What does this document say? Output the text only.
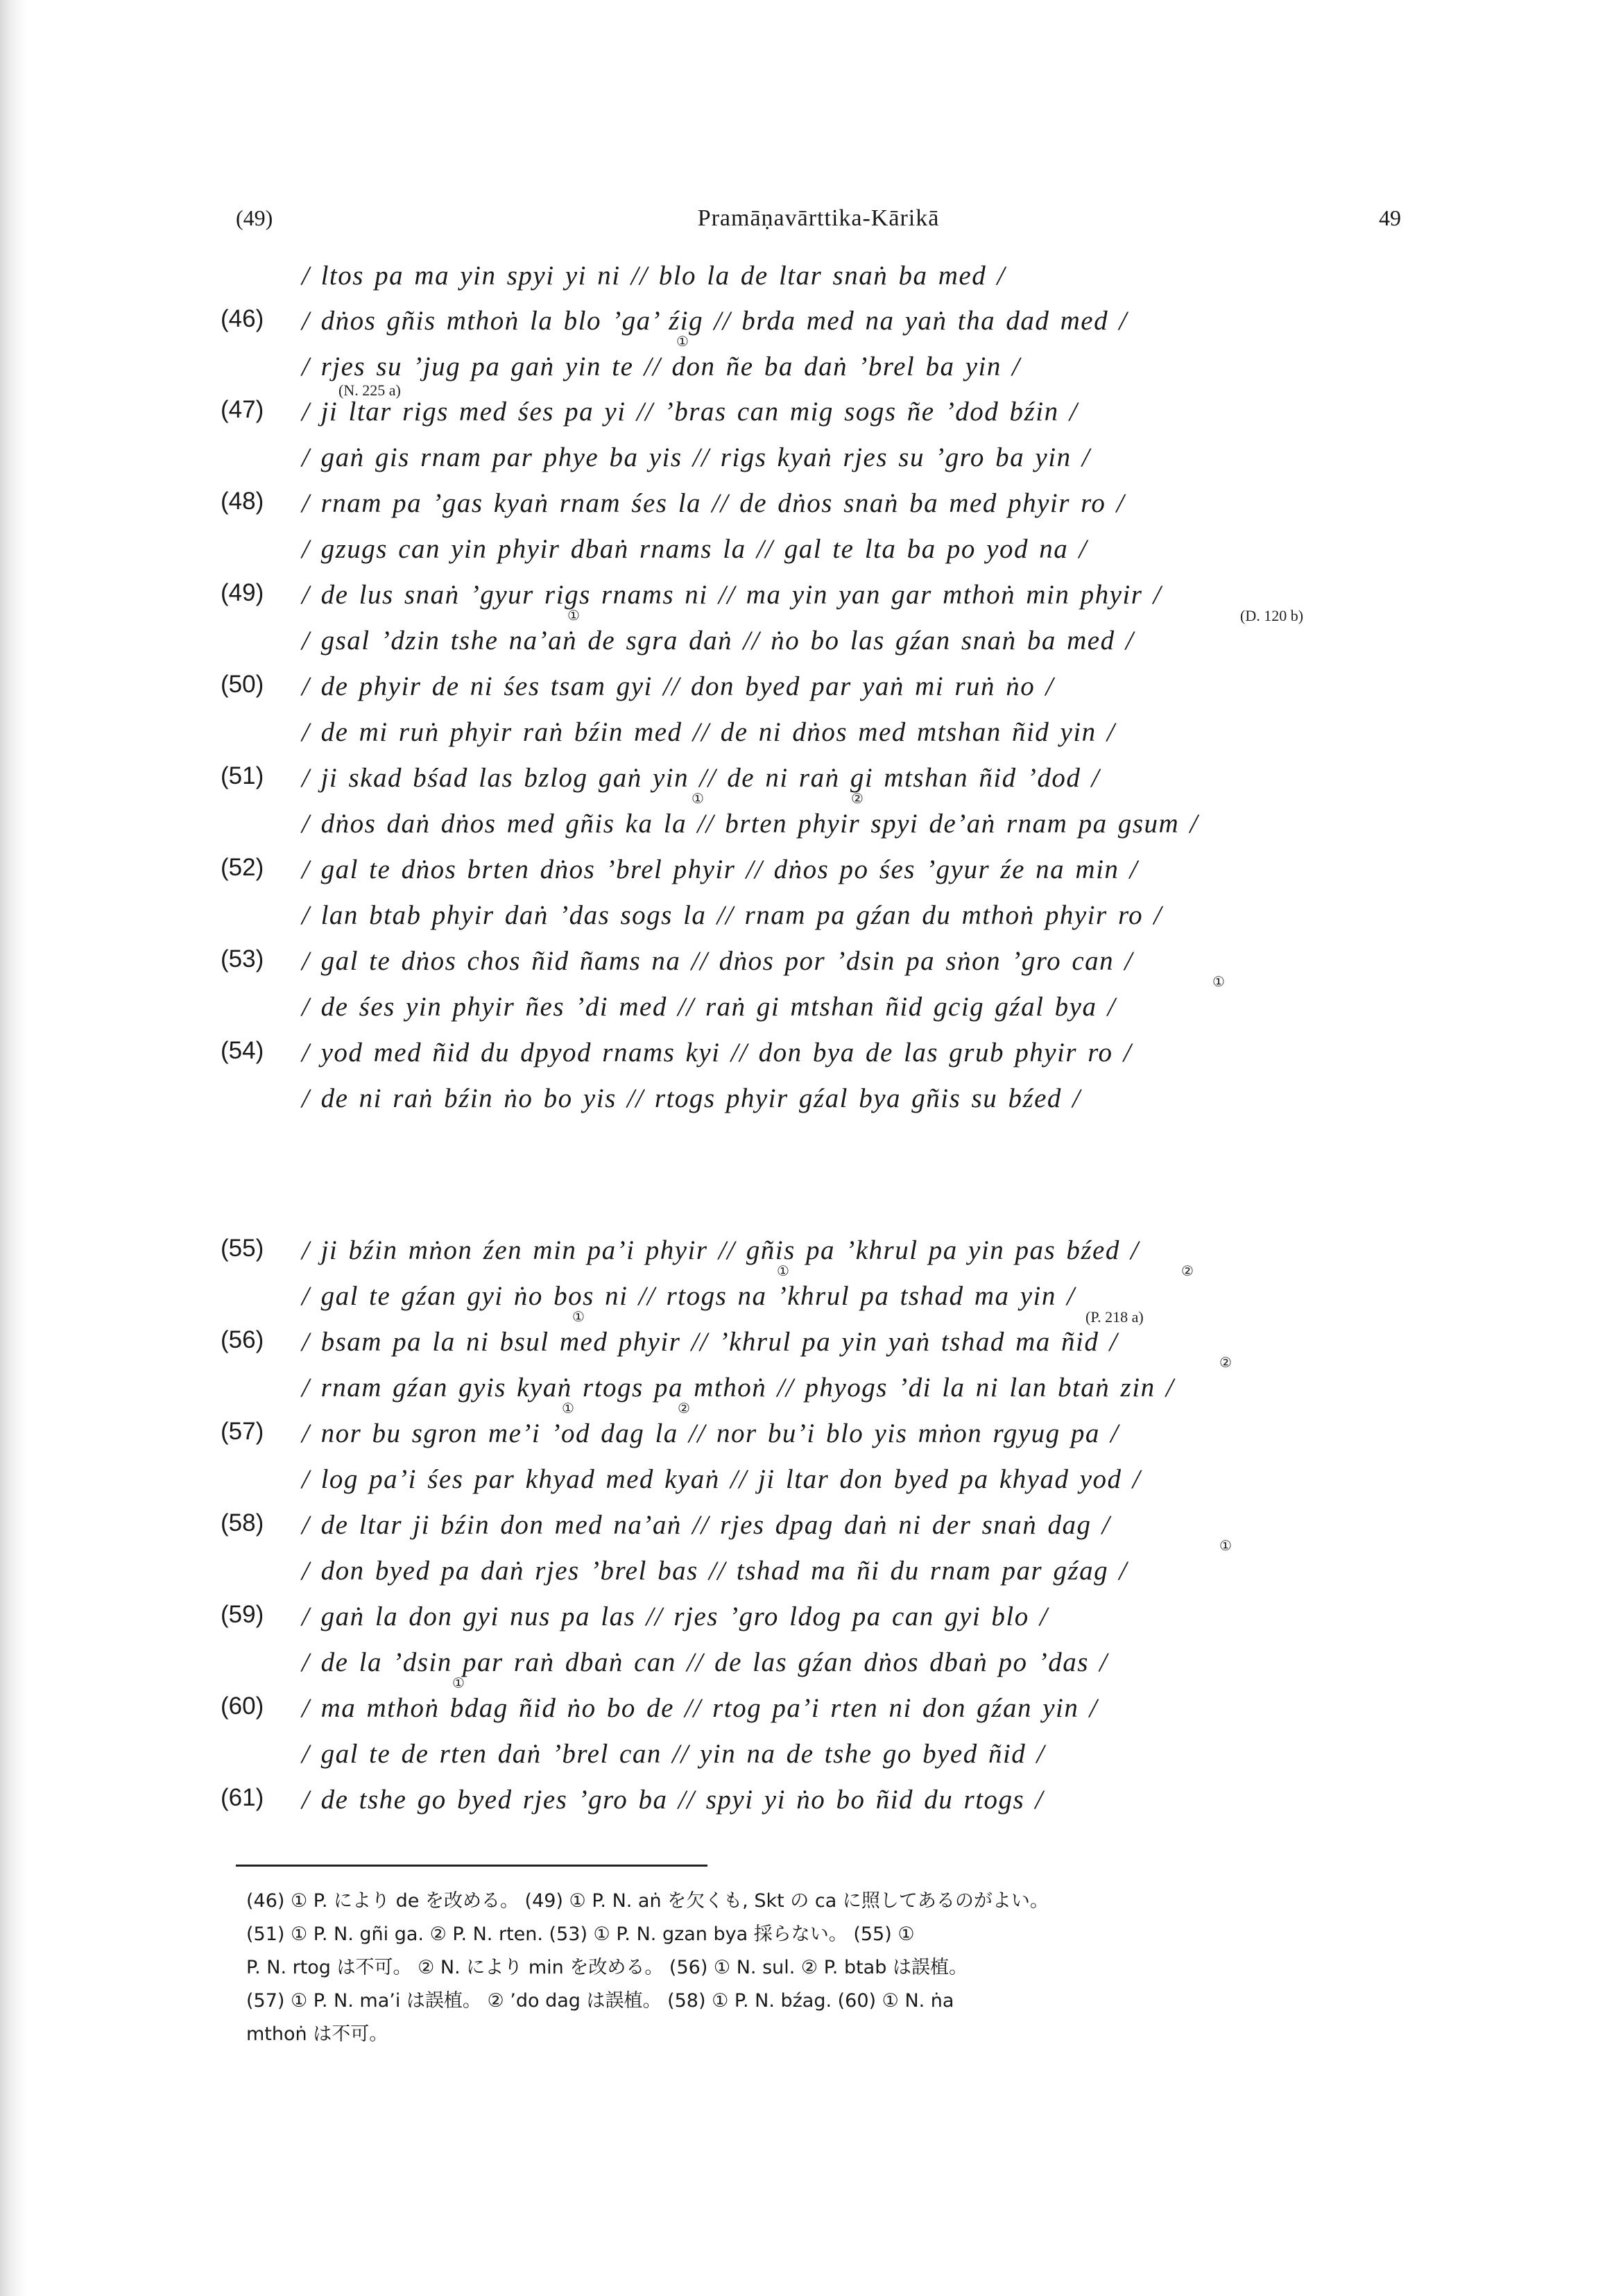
(49)	Pramāṇavārttika-Kārikā	49
/ ltos pa ma yin spyi yi ni // blo la de ltar snaṅ ba med /
(46)	/ dṅos gñis mthoṅ la blo ’ga’ źig // brda med na yaṅ tha dad med /
/ rjes su ’jug pa gaṅ yin te // don ñe ba daṅ ’brel ba yin /
(47)	/ ji ltar rigs med śes pa yi // ’bras can mig sogs ñe ’dod bźin /
/ gaṅ gis rnam par phye ba yis // rigs kyaṅ rjes su ’gro ba yin /
(48)	/ rnam pa ’gas kyaṅ rnam śes la // de dṅos snaṅ ba med phyir ro /
/ gzugs can yin phyir dbaṅ rnams la // gal te lta ba po yod na /
(49)	/ de lus snaṅ ’gyur rigs rnams ni // ma yin yan gar mthoṅ min phyir /
/ gsal ’dzin tshe na’aṅ de sgra daṅ // ṅo bo las gźan snaṅ ba med /
(50)	/ de phyir de ni śes tsam gyi // don byed par yaṅ mi ruṅ ṅo /
/ de mi ruṅ phyir raṅ bźin med // de ni dṅos med mtshan ñid yin /
(51)	/ ji skad bśad las bzlog gaṅ yin // de ni raṅ gi mtshan ñid ’dod /
/ dṅos daṅ dṅos med gñis ka la // brten phyir spyi de’aṅ rnam pa gsum /
(52)	/ gal te dṅos brten dṅos ’brel phyir // dṅos po śes ’gyur źe na min /
/ lan btab phyir daṅ ’das sogs la // rnam pa gźan du mthoṅ phyir ro /
(53)	/ gal te dṅos chos ñid ñams na // dṅos por ’dsin pa sṅon ’gro can /
/ de śes yin phyir ñes ’di med // raṅ gi mtshan ñid gcig gźal bya /
(54)	/ yod med ñid du dpyod rnams kyi // don bya de las grub phyir ro /
/ de ni raṅ bźin ṅo bo yis // rtogs phyir gźal bya gñis su bźed /
(55)	/ ji bźin mṅon źen min pa’i phyir // gñis pa ’khrul pa yin pas bźed /
/ gal te gźan gyi ṅo bos ni // rtogs na ’khrul pa tshad ma yin /
(56)	/ bsam pa la ni bsul med phyir // ’khrul pa yin yaṅ tshad ma ñid /
/ rnam gźan gyis kyaṅ rtogs pa mthoṅ // phyogs ’di la ni lan btaṅ zin /
(57)	/ nor bu sgron me’i ’od dag la // nor bu’i blo yis mṅon rgyug pa /
/ log pa’i śes par khyad med kyaṅ // ji ltar don byed pa khyad yod /
(58)	/ de ltar ji bźin don med na’aṅ // rjes dpag daṅ ni der snaṅ dag /
/ don byed pa daṅ rjes ’brel bas // tshad ma ñi du rnam par gźag /
(59)	/ gaṅ la don gyi nus pa las // rjes ’gro ldog pa can gyi blo /
/ de la ’dsin par raṅ dbaṅ can // de las gźan dṅos dbaṅ po ’das /
(60)	/ ma mthoṅ bdag ñid ṅo bo de // rtog pa’i rten ni don gźan yin /
/ gal te de rten daṅ ’brel can // yin na de tshe go byed ñid /
(61)	/ de tshe go byed rjes ’gro ba // spyi yi ṅo bo ñid du rtogs /
①
(N. 225 a)
①	(D. 120 b)
①	②
①
①	②
①	(P. 218 a)
②
①	②
①
①
(46) ① P. により de を改める。 (49) ① P. N. aṅ を欠くも, Skt の ca に照してあるのがよい。
(51) ① P. N. gñi ga. ② P. N. rten. (53) ① P. N. gzan bya 採らない。 (55) ①
P. N. rtog は不可。 ② N. により min を改める。 (56) ① N. sul. ② P. btab は誤植。
(57) ① P. N. ma’i は誤植。 ② ’do dag は誤植。 (58) ① P. N. bźag. (60) ① N. ṅa
mthoṅ は不可。
